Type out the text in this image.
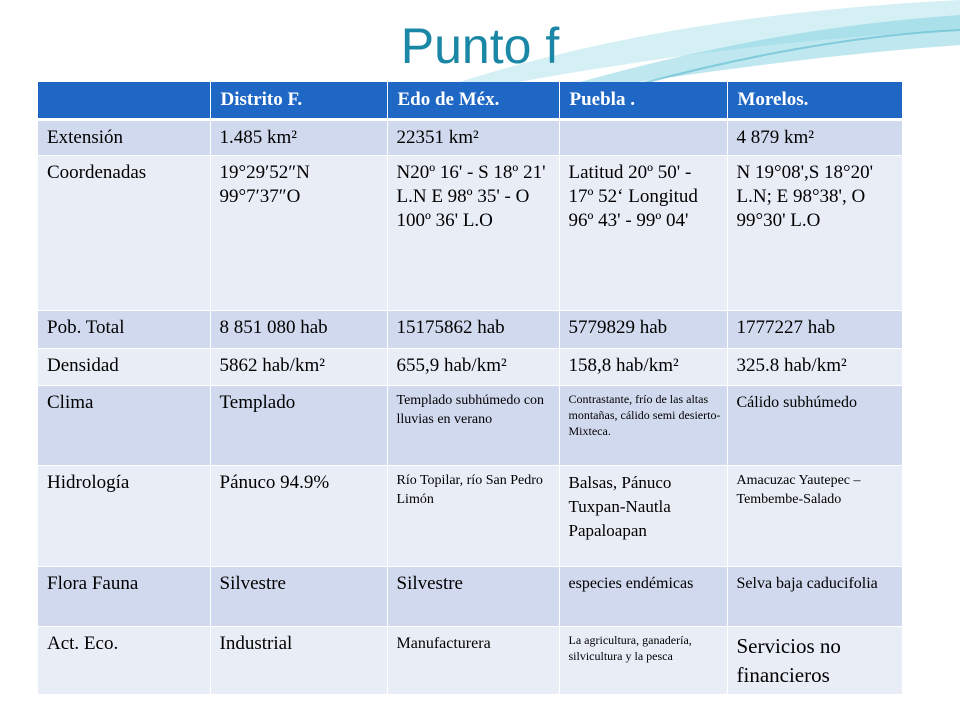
Punto f
	Distrito F.	Edo de Méx.	Puebla .	Morelos.
Extensión	1.485 km²	22351 km²		4 879 km²
Coordenadas	19°29′52″N 99°7′37″O	N20º 16' - S 18º 21' L.N E 98º 35' - O 100º 36' L.O	Latitud 20º 50' - 17º 52‘ Longitud 96º 43' - 99º 04'	N 19°08',S 18°20' L.N; E 98°38', O 99°30' L.O
Pob. Total	8 851 080 hab	15175862 hab	5779829 hab	1777227 hab
Densidad	5862 hab/km²	655,9 hab/km²	158,8 hab/km²	325.8 hab/km²
Clima	Templado	Templado subhúmedo con lluvias en verano	Contrastante, frío de las altas montañas, cálido semi desierto-Mixteca.	Cálido subhúmedo
Hidrología	Pánuco 94.9%	Río Topilar, río San Pedro Limón	Balsas, Pánuco Tuxpan-Nautla Papaloapan	Amacuzac Yautepec – Tembembe-Salado
Flora Fauna	Silvestre	Silvestre	especies endémicas	Selva baja caducifolia
Act. Eco.	Industrial	Manufacturera	La agricultura, ganadería, silvicultura y la pesca	Servicios no financieros
